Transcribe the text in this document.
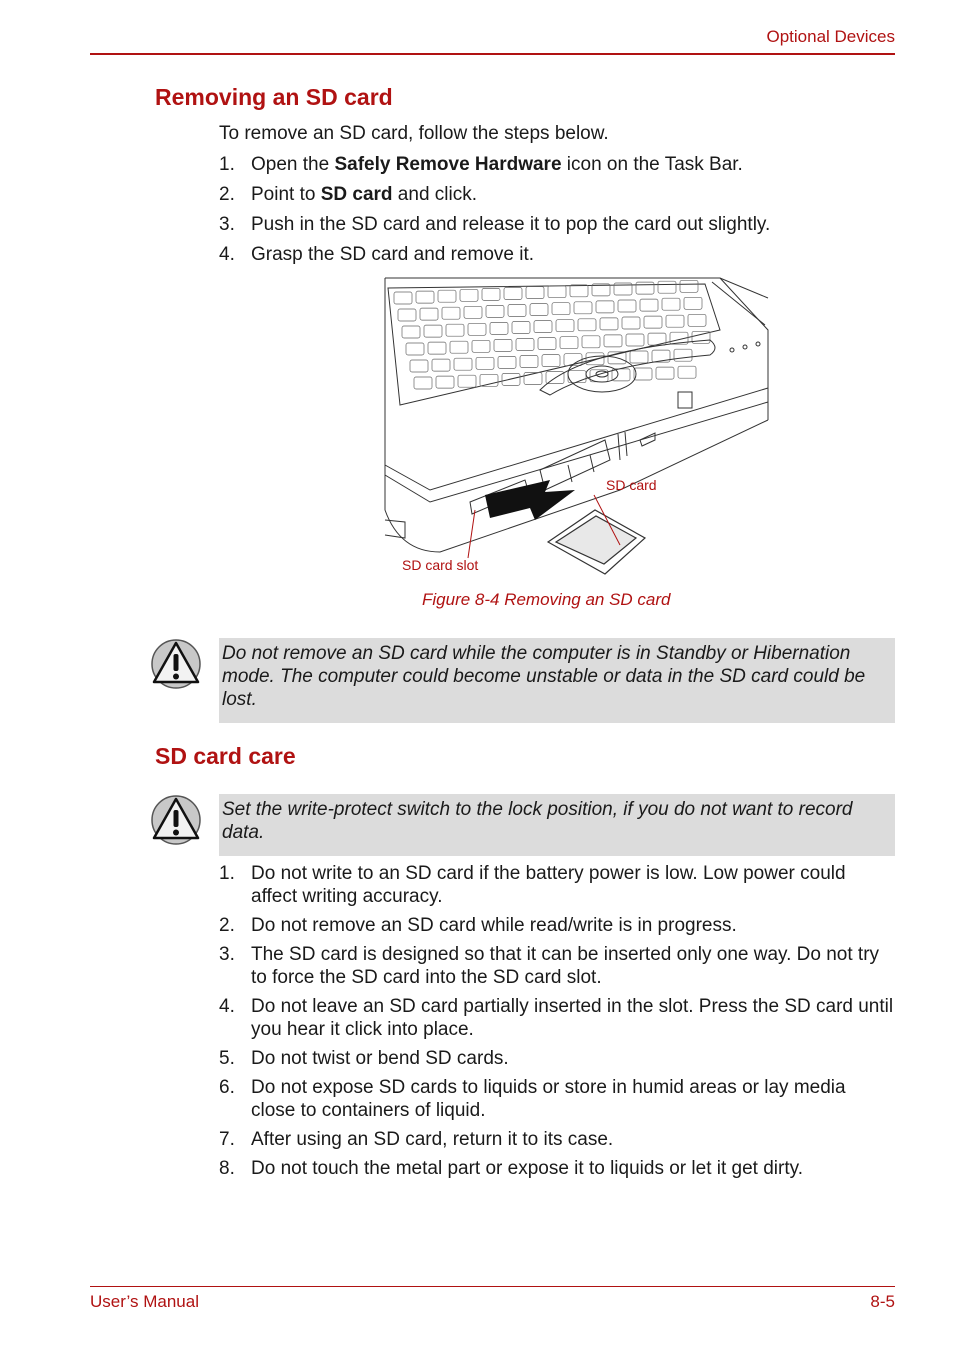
Optional Devices
Removing an SD card
To remove an SD card, follow the steps below.
1. Open the Safely Remove Hardware icon on the Task Bar.
2. Point to SD card and click.
3. Push in the SD card and release it to pop the card out slightly.
4. Grasp the SD card and remove it.
SD card
SD card slot
Figure 8-4 Removing an SD card
Do not remove an SD card while the computer is in Standby or Hibernation mode. The computer could become unstable or data in the SD card could be lost.
SD card care
Set the write-protect switch to the lock position, if you do not want to record data.
1. Do not write to an SD card if the battery power is low. Low power could affect writing accuracy.
2. Do not remove an SD card while read/write is in progress.
3. The SD card is designed so that it can be inserted only one way. Do not try to force the SD card into the SD card slot.
4. Do not leave an SD card partially inserted in the slot. Press the SD card until you hear it click into place.
5. Do not twist or bend SD cards.
6. Do not expose SD cards to liquids or store in humid areas or lay media close to containers of liquid.
7. After using an SD card, return it to its case.
8. Do not touch the metal part or expose it to liquids or let it get dirty.
User’s Manual	8-5
